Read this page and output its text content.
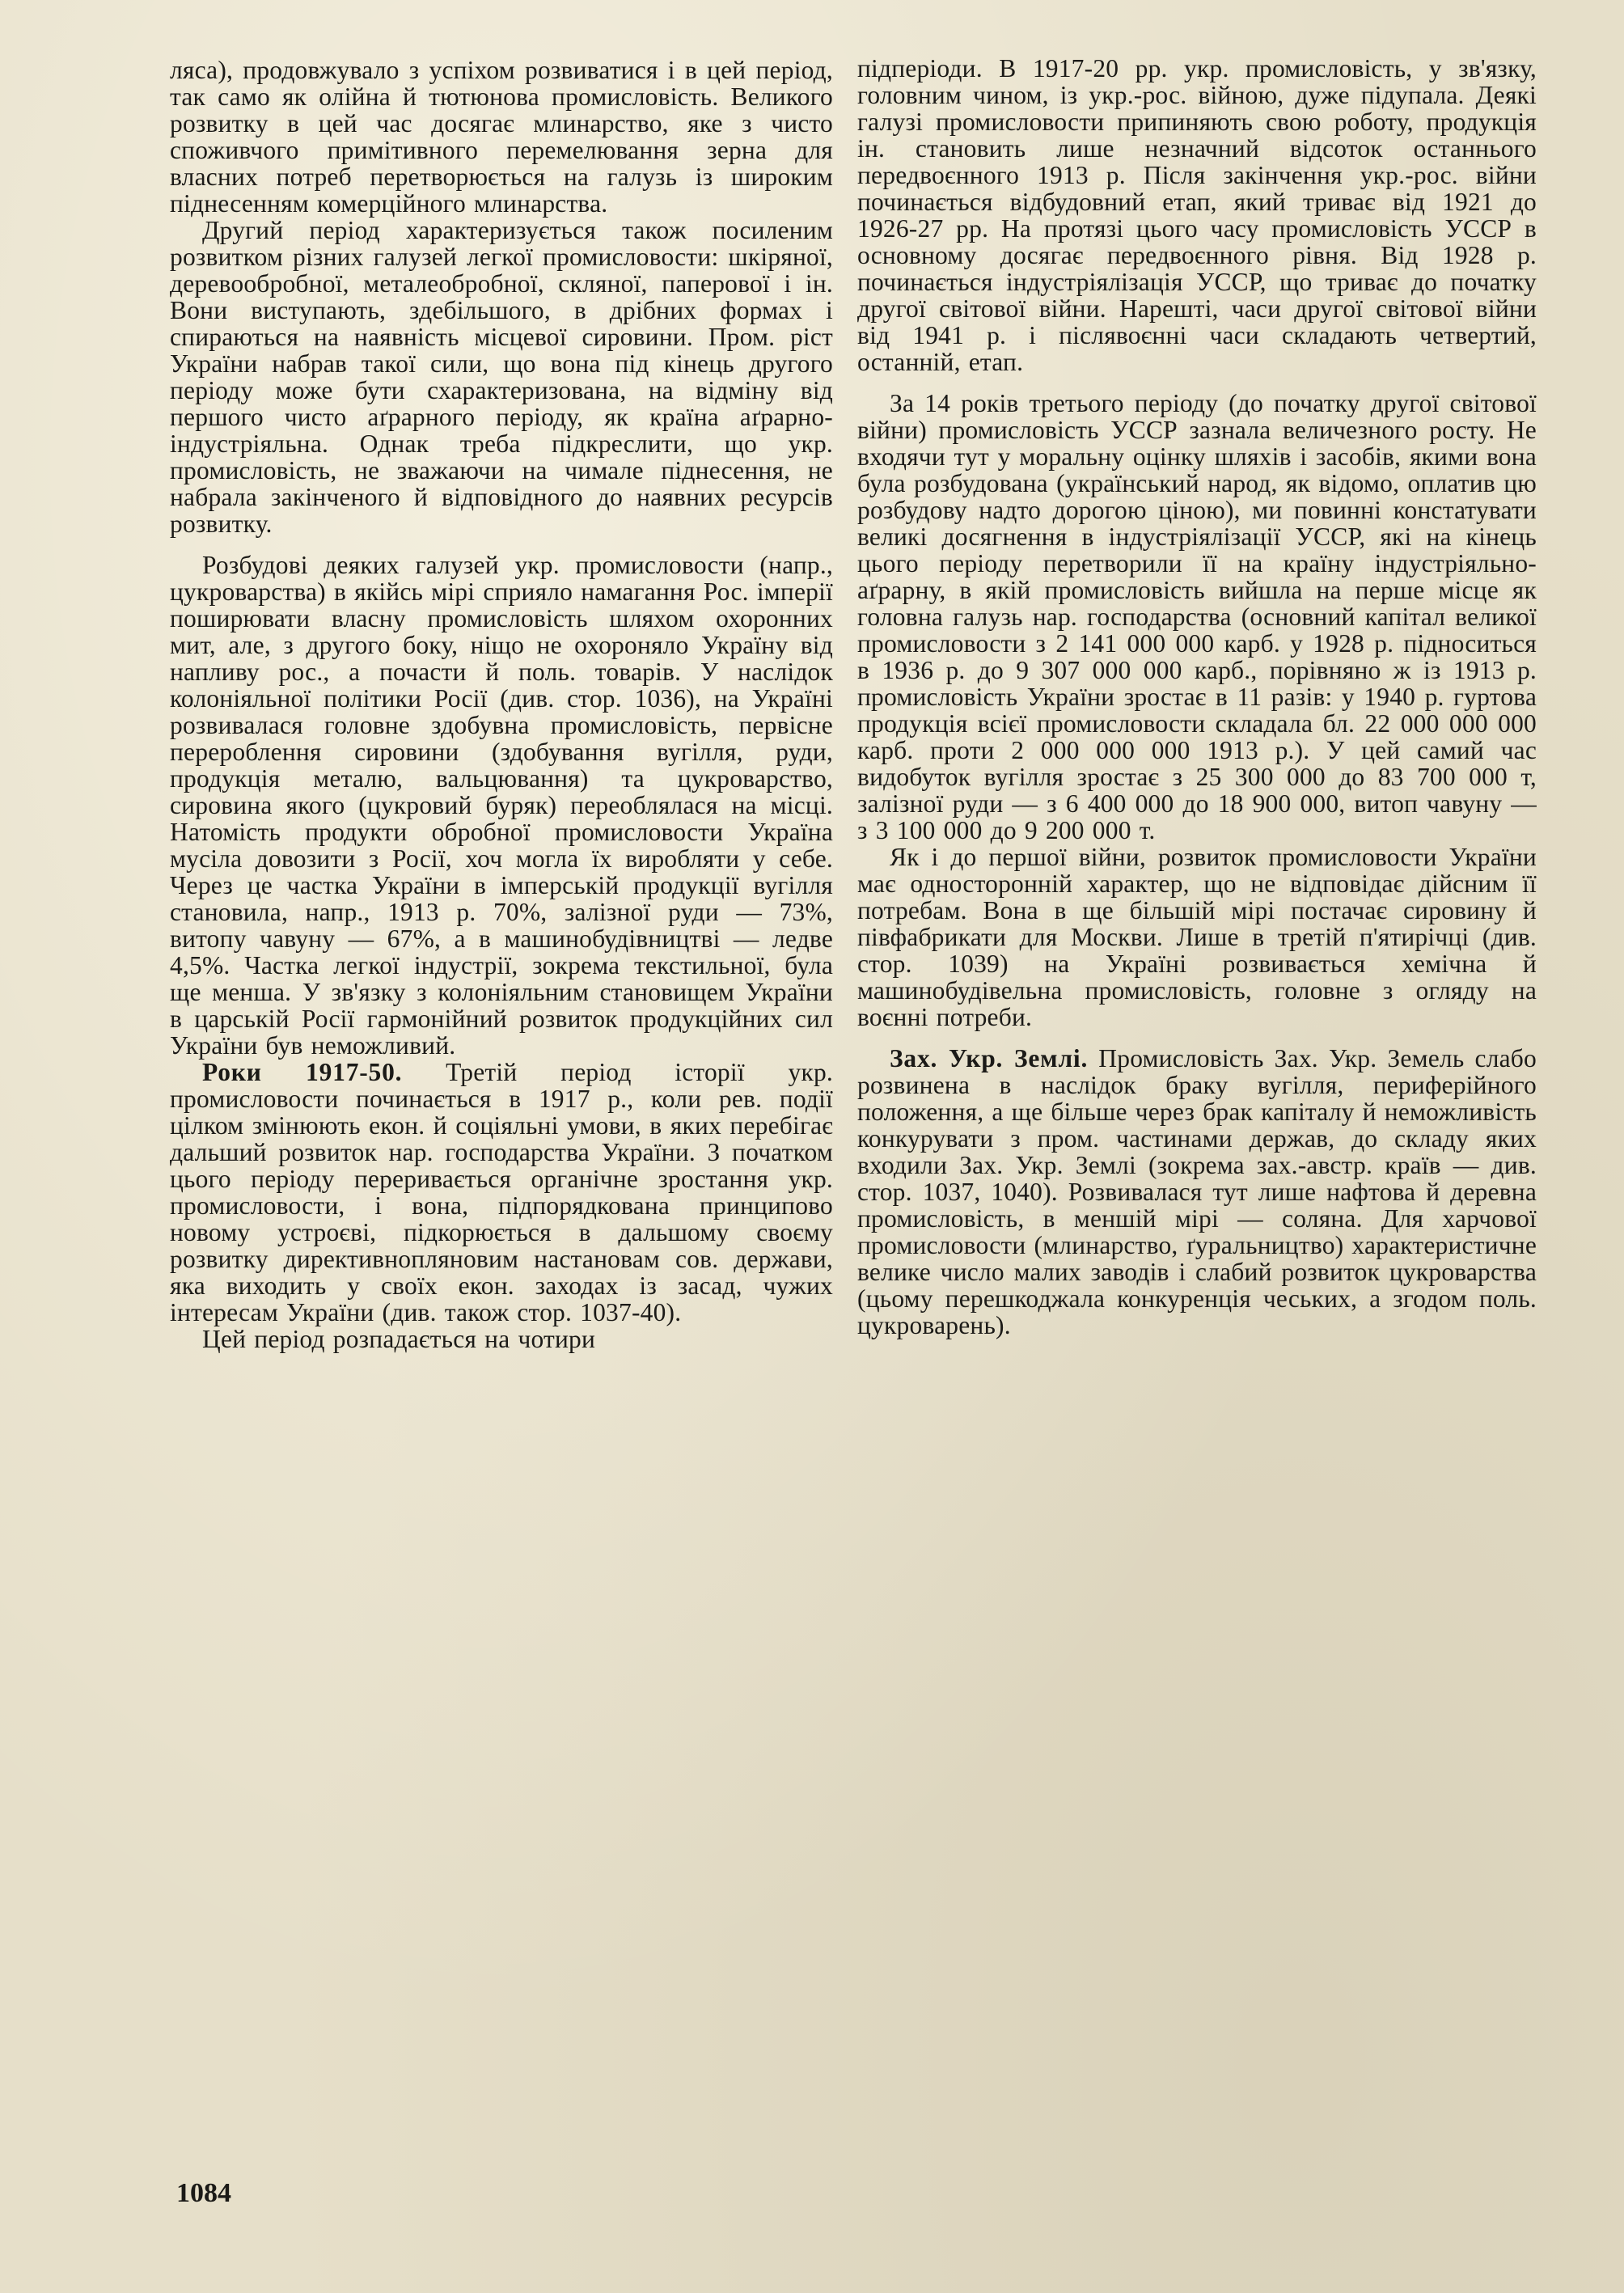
ляса), продовжувало з успіхом розвиватися і в цей період, так само як олійна й тютюнова промисловість. Великого розвитку в цей час досягає млинарство, яке з чисто споживчого примітивного перемелювання зерна для власних потреб перетворюється на галузь із широким піднесенням комерційного млинарства.

Другий період характеризується також посиленим розвитком різних галузей легкої промисловости: шкіряної, деревообробної, металеобробної, скляної, паперової і ін. Вони виступають, здебільшого, в дрібних формах і спираються на наявність місцевої сировини. Пром. ріст України набрав такої сили, що вона під кінець другого періоду може бути схарактеризована, на відміну від першого чисто аґрарного періоду, як країна аґрарно-індустріяльна. Однак треба підкреслити, що укр. промисловість, не зважаючи на чимале піднесення, не набрала закінченого й відповідного до наявних ресурсів розвитку.

Розбудові деяких галузей укр. промисловости (напр., цукроварства) в якійсь мірі сприяло намагання Рос. імперії поширювати власну промисловість шляхом охоронних мит, але, з другого боку, ніщо не охороняло Україну від напливу рос., а почасти й поль. товарів. У наслідок колоніяльної політики Росії (див. стор. 1036), на Україні розвивалася головне здобувна промисловість, первісне перероблення сировини (здобування вугілля, руди, продукція металю, вальцювання) та цукроварство, сировина якого (цукровий буряк) переоблялася на місці. Натомість продукти обробної промисловости Україна мусіла довозити з Росії, хоч могла їх виробляти у себе. Через це частка України в імперській продукції вугілля становила, напр., 1913 р. 70%, залізної руди — 73%, витопу чавуну — 67%, а в машинобудівництві — ледве 4,5%. Частка легкої індустрії, зокрема текстильної, була ще менша. У зв'язку з колоніяльним становищем України в царській Росії гармонійний розвиток продукційних сил України був неможливий.

Роки 1917-50. Третій період історії укр. промисловости починається в 1917 р., коли рев. події цілком змінюють екон. й соціяльні умови, в яких перебігає дальший розвиток нар. господарства України. З початком цього періоду переривається органічне зростання укр. промисловости, і вона, підпорядкована принципово новому устроєві, підкорюється в дальшому своєму розвитку директивнопляновим настановам сов. держави, яка виходить у своїх екон. заходах із засад, чужих інтересам України (див. також стор. 1037-40).

Цей період розпадається на чотири

підперіоди. В 1917-20 рр. укр. промисловість, у зв'язку, головним чином, із укр.-рос. війною, дуже підупала. Деякі галузі промисловости припиняють свою роботу, продукція ін. становить лише незначний відсоток останнього передвоєнного 1913 р. Після закінчення укр.-рос. війни починається відбудовний етап, який триває від 1921 до 1926-27 рр. На протязі цього часу промисловість УССР в основному досягає передвоєнного рівня. Від 1928 р. починається індустріялізація УССР, що триває до початку другої світової війни. Нарешті, часи другої світової війни від 1941 р. і післявоєнні часи складають четвертий, останній, етап.

За 14 років третього періоду (до початку другої світової війни) промисловість УССР зазнала величезного росту. Не входячи тут у моральну оцінку шляхів і засобів, якими вона була розбудована (український народ, як відомо, оплатив цю розбудову надто дорогою ціною), ми повинні констатувати великі досягнення в індустріялізації УССР, які на кінець цього періоду перетворили її на країну індустріяльно-аґрарну, в якій промисловість вийшла на перше місце як головна галузь нар. господарства (основний капітал великої промисловости з 2 141 000 000 карб. у 1928 р. підноситься в 1936 р. до 9 307 000 000 карб., порівняно ж із 1913 р. промисловість України зростає в 11 разів: у 1940 р. гуртова продукція всієї промисловости складала бл. 22 000 000 000 карб. проти 2 000 000 000 1913 р.). У цей самий час видобуток вугілля зростає з 25 300 000 до 83 700 000 т, залізної руди — з 6 400 000 до 18 900 000, витоп чавуну — з 3 100 000 до 9 200 000 т.

Як і до першої війни, розвиток промисловости України має односторонній характер, що не відповідає дійсним її потребам. Вона в ще більшій мірі постачає сировину й півфабрикати для Москви. Лише в третій п'ятирічці (див. стор. 1039) на Україні розвивається хемічна й машинобудівельна промисловість, головне з огляду на воєнні потреби.

Зах. Укр. Землі. Промисловість Зах. Укр. Земель слабо розвинена в наслідок браку вугілля, периферійного положення, а ще більше через брак капіталу й неможливість конкурувати з пром. частинами держав, до складу яких входили Зах. Укр. Землі (зокрема зах.-австр. країв — див. стор. 1037, 1040). Розвивалася тут лише нафтова й деревна промисловість, в меншій мірі — соляна. Для харчової промисловости (млинарство, ґуральництво) характеристичне велике число малих заводів і слабий розвиток цукроварства (цьому перешкоджала конкуренція чеських, а згодом поль. цукроварень).

1084
